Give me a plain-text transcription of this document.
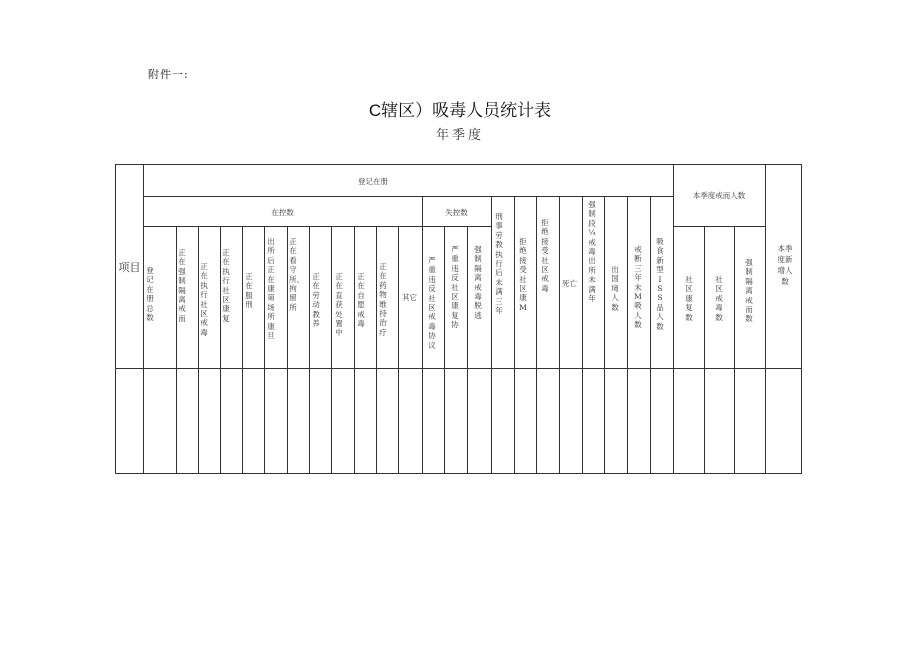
附件一:
C辖区）吸毒人员统计表
年季度
项目
登记在册
在控数	失控数
本季度戒而人数
本季度新增人数
登记在册总数
正在强制隔离戒而
正在执行社区戒毒
正在执行社区康复
正在服刑
出所后正在康第场所康旦
正在看守所、拘留所
正在劳动教养
正在直获处置中
正在自愿戒毒
正在药物维持治疗
其它
严重违反社区戒毒协议
严重违反社区康复协
强制隔离戒毒脱逃
刑事劳教执行后未满三年
拒绝接受社区康M
拒绝接受社区戒毒
死亡
强制段¼戒毒出所未满年
出国境人数
戒断三年未M吸人数
吸食新型ISS品人数
社区康复数
社区戒毒数
强制隔离戒而数
